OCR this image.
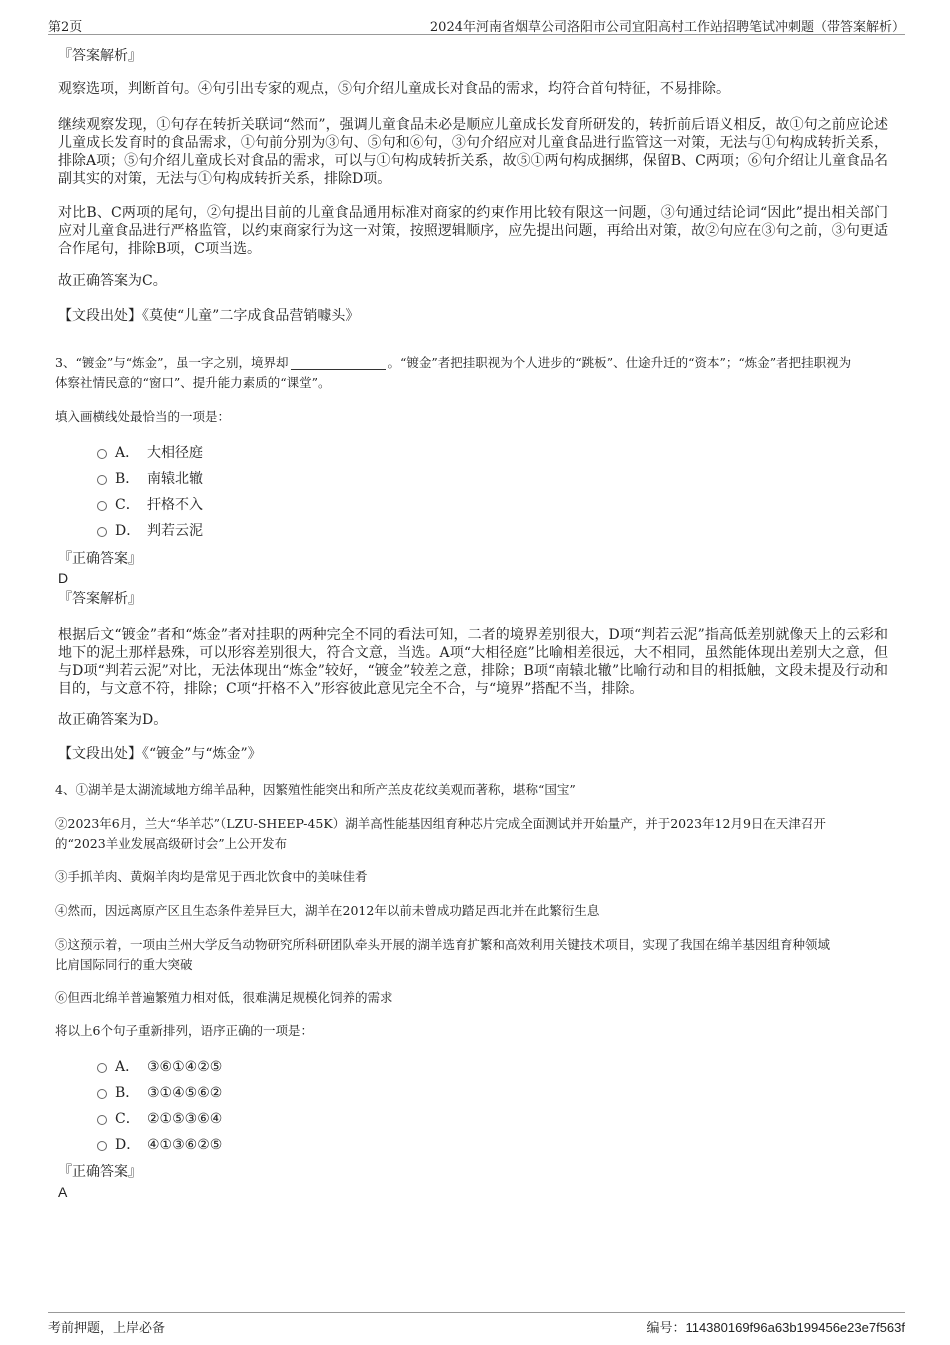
第2页	2024年河南省烟草公司洛阳市公司宜阳高村工作站招聘笔试冲刺题（带答案解析）
『答案解析』
观察选项，判断首句。④句引出专家的观点，⑤句介绍儿童成长对食品的需求，均符合首句特征，不易排除。
继续观察发现，①句存在转折关联词“然而”，强调儿童食品未必是顺应儿童成长发育所研发的，转折前后语义相反，故①句之前应论述儿童成长发育时的食品需求，①句前分别为③句、⑤句和⑥句，③句介绍应对儿童食品进行监管这一对策，无法与①句构成转折关系，排除A项；⑤句介绍儿童成长对食品的需求，可以与①句构成转折关系，故⑤①两句构成捆绑，保留B、C两项；⑥句介绍让儿童食品名副其实的对策，无法与①句构成转折关系，排除D项。
对比B、C两项的尾句，②句提出目前的儿童食品通用标准对商家的约束作用比较有限这一问题，③句通过结论词“因此”提出相关部门应对儿童食品进行严格监管，以约束商家行为这一对策，按照逻辑顺序，应先提出问题，再给出对策，故②句应在③句之前，③句更适合作尾句，排除B项，C项当选。
故正确答案为C。
【文段出处】《莫使“儿童”二字成食品营销噱头》
3、“镀金”与“炼金”，虽一字之别，境界却	。“镀金”者把挂职视为个人进步的“跳板”、仕途升迁的“资本”；“炼金”者把挂职视为
体察社情民意的“窗口”、提升能力素质的“课堂”。
填入画横线处最恰当的一项是：
A． 大相径庭
B． 南辕北辙
C． 扞格不入
D． 判若云泥
『正确答案』
D
『答案解析』
根据后文“镀金”者和“炼金”者对挂职的两种完全不同的看法可知，二者的境界差别很大，D项“判若云泥”指高低差别就像天上的云彩和地下的泥土那样悬殊，可以形容差别很大，符合文意，当选。A项“大相径庭”比喻相差很远，大不相同，虽然能体现出差别大之意，但与D项“判若云泥”对比，无法体现出“炼金”较好，“镀金”较差之意，排除；B项“南辕北辙”比喻行动和目的相抵触，文段未提及行动和目的，与文意不符，排除；C项“扞格不入”形容彼此意见完全不合，与“境界”搭配不当，排除。
故正确答案为D。
【文段出处】《“镀金”与“炼金”》
4、①湖羊是太湖流域地方绵羊品种，因繁殖性能突出和所产羔皮花纹美观而著称，堪称“国宝”
②2023年6月，兰大“华羊芯”（LZU-SHEEP-45K）湖羊高性能基因组育种芯片完成全面测试并开始量产，并于2023年12月9日在天津召开
的“2023羊业发展高级研讨会”上公开发布
③手抓羊肉、黄焖羊肉均是常见于西北饮食中的美味佳肴
④然而，因远离原产区且生态条件差异巨大，湖羊在2012年以前未曾成功踏足西北并在此繁衍生息
⑤这预示着，一项由兰州大学反刍动物研究所科研团队牵头开展的湖羊选育扩繁和高效利用关键技术项目，实现了我国在绵羊基因组育种领域
比肩国际同行的重大突破
⑥但西北绵羊普遍繁殖力相对低，很难满足规模化饲养的需求
将以上6个句子重新排列，语序正确的一项是：
A． ③⑥①④②⑤
B． ③①④⑤⑥②
C． ②①⑤③⑥④
D． ④①③⑥②⑤
『正确答案』
A
考前押题，上岸必备	编号：114380169f96a63b199456e23e7f563f
